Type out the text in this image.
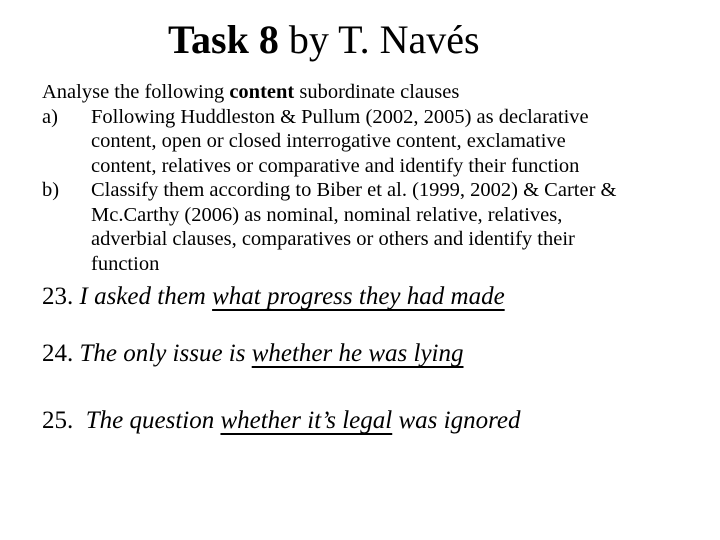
Task 8 by T. Navés
Analyse the following content subordinate clauses
a)	Following Huddleston & Pullum (2002, 2005) as declarative
content, open or closed interrogative content, exclamative
content, relatives or comparative and identify their function
b)	Classify them according to Biber et al. (1999, 2002) & Carter &
Mc.Carthy (2006) as nominal, nominal relative, relatives,
adverbial clauses, comparatives or others and identify their
function
23. I asked them what progress they had made
24. The only issue is whether he was lying
25.  The question whether it’s legal was ignored
